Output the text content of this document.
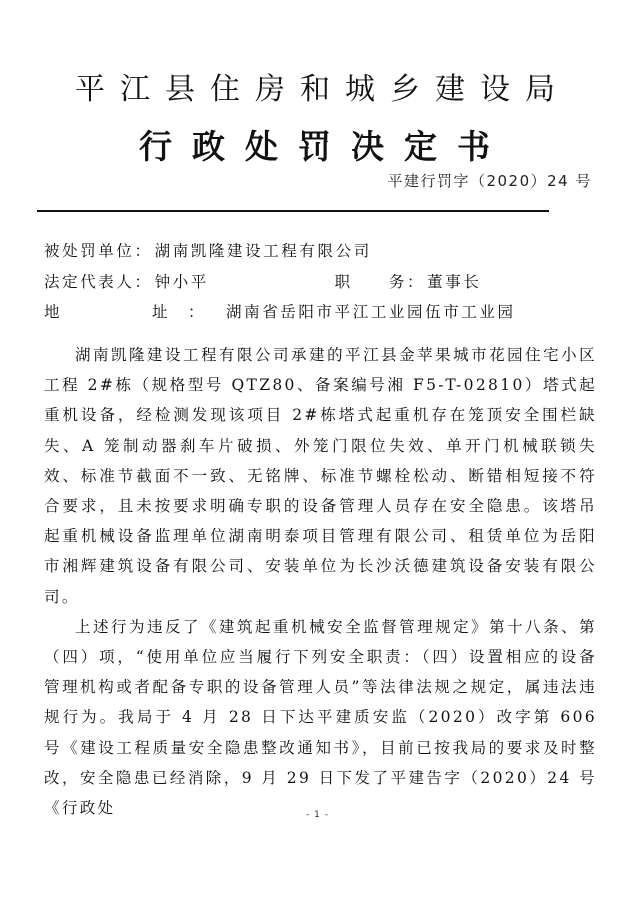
平江县住房和城乡建设局
行政处罚决定书
平建行罚字（2020）24 号
被处罚单位： 湖南凯隆建设工程有限公司
法定代表人： 钟小平	职　　务： 董事长
地　　址： 湖南省岳阳市平江工业园伍市工业园

湖南凯隆建设工程有限公司承建的平江县金苹果城市花园住宅小区工程 2#栋（规格型号 QTZ80、备案编号湘 F5-T-02810）塔式起重机设备，经检测发现该项目 2#栋塔式起重机存在笼顶安全围栏缺失、A 笼制动器刹车片破损、外笼门限位失效、单开门机械联锁失效、标准节截面不一致、无铭牌、标准节螺栓松动、断错相短接不符合要求，且未按要求明确专职的设备管理人员存在安全隐患。该塔吊起重机械设备监理单位湖南明泰项目管理有限公司、租赁单位为岳阳市湘辉建筑设备有限公司、安装单位为长沙沃德建筑设备安装有限公司。

上述行为违反了《建筑起重机械安全监督管理规定》第十八条、第（四）项，“使用单位应当履行下列安全职责：（四）设置相应的设备管理机构或者配备专职的设备管理人员”等法律法规之规定，属违法违规行为。我局于 4 月 28 日下达平建质安监（2020）改字第 606 号《建设工程质量安全隐患整改通知书》，目前已按我局的要求及时整改，安全隐患已经消除，9 月 29 日下发了平建告字（2020）24 号《行政处	- 1 -
